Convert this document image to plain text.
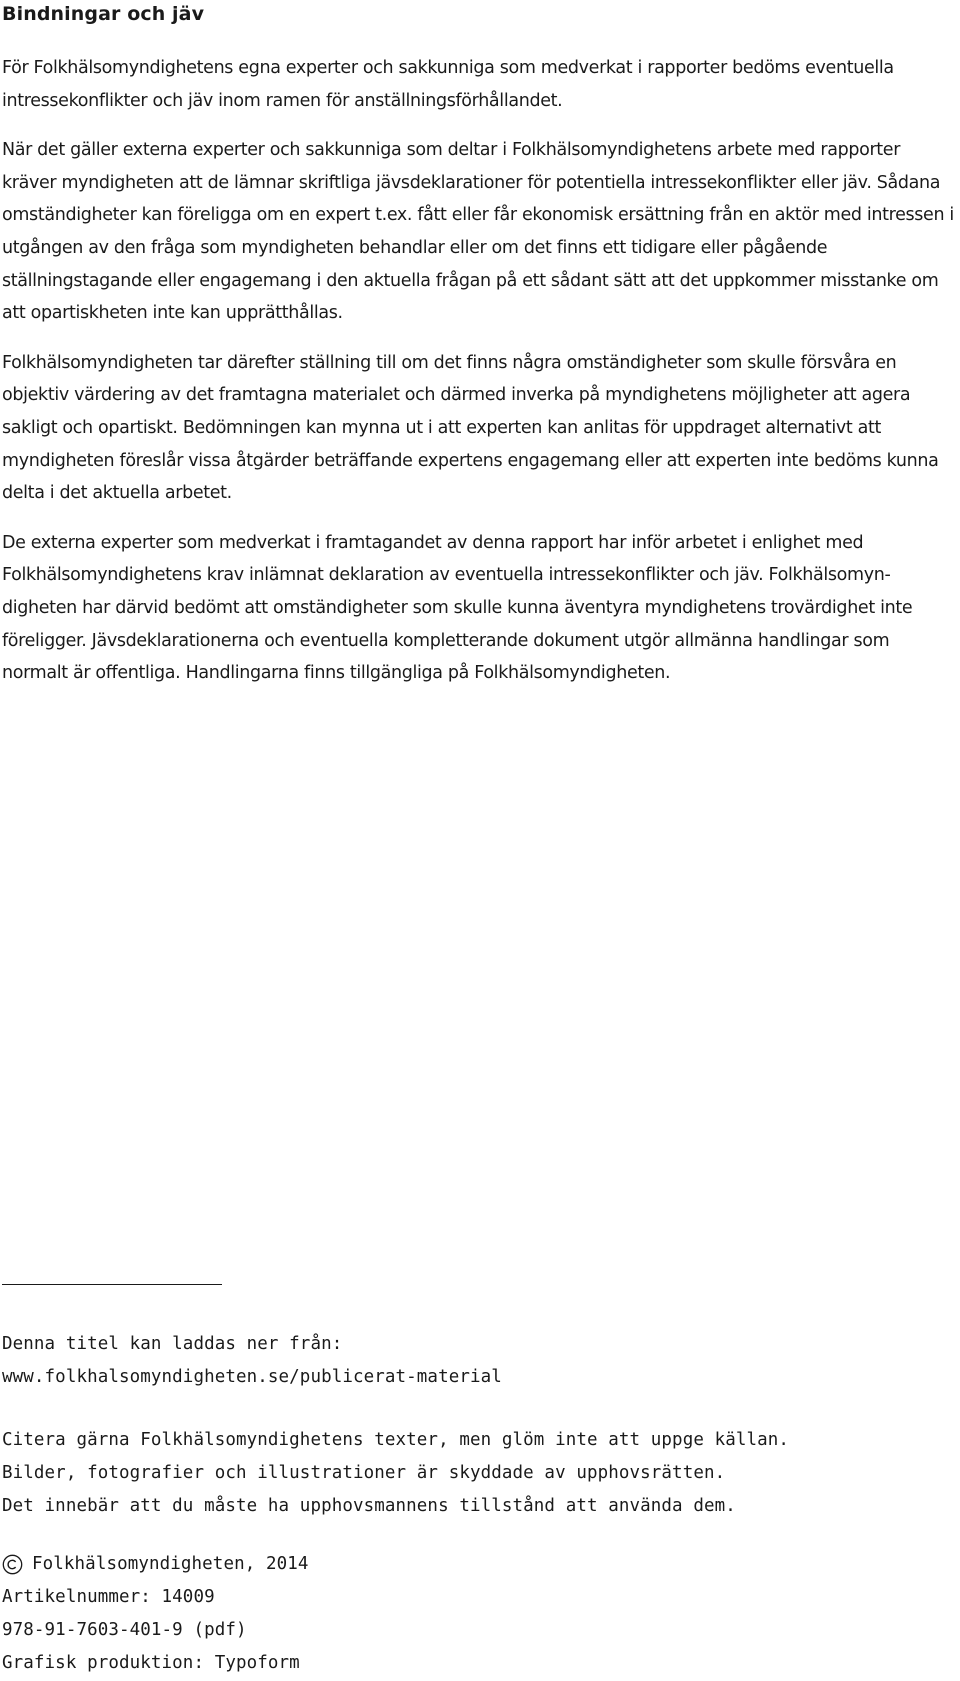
Bindningar och jäv

För Folkhälsomyndighetens egna experter och sakkunniga som medverkat i rapporter bedöms eventuella intressekonflikter och jäv inom ramen för anställningsförhållandet.

När det gäller externa experter och sakkunniga som deltar i Folkhälsomyndighetens arbete med rapporter kräver myndigheten att de lämnar skriftliga jävsdeklarationer för potentiella intressekonflikter eller jäv. Sådana omständigheter kan föreligga om en expert t.ex. fått eller får ekonomisk ersättning från en aktör med intressen i utgången av den fråga som myndigheten behandlar eller om det finns ett tidigare eller pågående ställningstagande eller engagemang i den aktuella frågan på ett sådant sätt att det uppkommer misstanke om att opartiskheten inte kan upprätthållas.

Folkhälsomyndigheten tar därefter ställning till om det finns några omständigheter som skulle försvåra en objektiv värdering av det framtagna materialet och därmed inverka på myndighetens möjligheter att agera sakligt och opartiskt. Bedömningen kan mynna ut i att experten kan anlitas för uppdraget alternativt att myndigheten föreslår vissa åtgärder beträffande expertens engagemang eller att experten inte bedöms kunna delta i det aktuella arbetet.

De externa experter som medverkat i framtagandet av denna rapport har inför arbetet i enlighet med Folkhälsomyndighetens krav inlämnat deklaration av eventuella intressekonflikter och jäv. Folkhälsomyndigheten har därvid bedömt att omständigheter som skulle kunna äventyra myndighetens trovärdighet inte föreligger. Jävsdeklarationerna och eventuella kompletterande dokument utgör allmänna handlingar som normalt är offentliga. Handlingarna finns tillgängliga på Folkhälsomyndigheten.

Denna titel kan laddas ner från:
www.folkhalsomyndigheten.se/publicerat-material
Citera gärna Folkhälsomyndighetens texter, men glöm inte att uppge källan.
Bilder, fotografier och illustrationer är skyddade av upphovsrätten.
Det innebär att du måste ha upphovsmannens tillstånd att använda dem.
Folkhälsomyndigheten, 2014
Artikelnummer: 14009
978-91-7603-401-9 (pdf)
Grafisk produktion: Typoform
